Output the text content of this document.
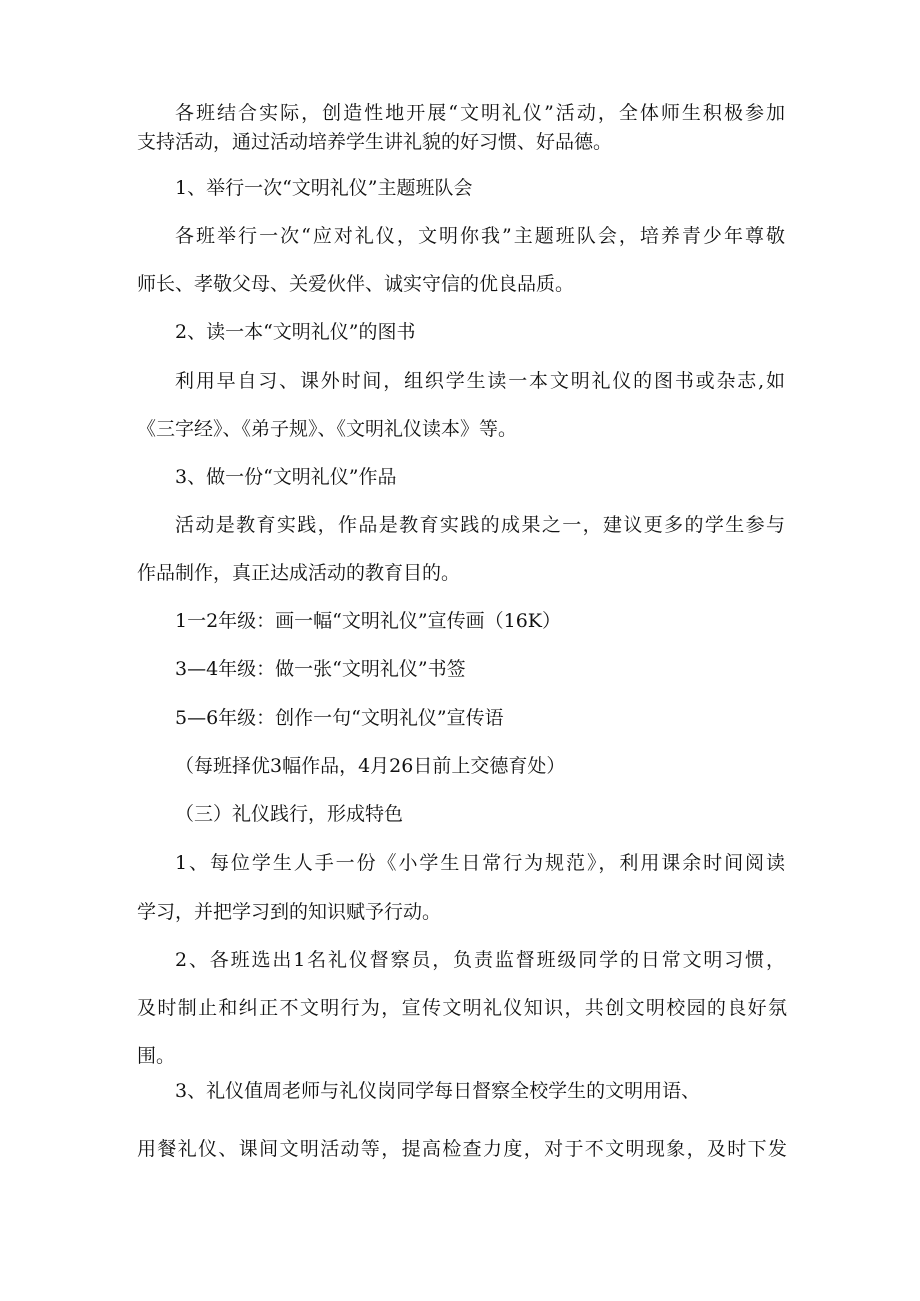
各班结合实际，创造性地开展“文明礼仪”活动，全体师生积极参加
支持活动，通过活动培养学生讲礼貌的好习惯、好品德。
1、举行一次“文明礼仪”主题班队会
各班举行一次“应对礼仪，文明你我”主题班队会，培养青少年尊敬
师长、孝敬父母、关爱伙伴、诚实守信的优良品质。
2、读一本“文明礼仪”的图书
利用早自习、课外时间，组织学生读一本文明礼仪的图书或杂志,如
《三字经》、《弟子规》、《文明礼仪读本》等。
3、做一份“文明礼仪”作品
活动是教育实践，作品是教育实践的成果之一，建议更多的学生参与
作品制作，真正达成活动的教育目的。
1一2年级：画一幅“文明礼仪”宣传画（16K）
3—4年级：做一张“文明礼仪”书签
5—6年级：创作一句“文明礼仪”宣传语
（每班择优3幅作品，4月26日前上交德育处）
（三）礼仪践行，形成特色
1、每位学生人手一份《小学生日常行为规范》，利用课余时间阅读
学习，并把学习到的知识赋予行动。
2、各班选出1名礼仪督察员，负责监督班级同学的日常文明习惯，
及时制止和纠正不文明行为，宣传文明礼仪知识，共创文明校园的良好氛
围。
3、礼仪值周老师与礼仪岗同学每日督察全校学生的文明用语、
用餐礼仪、课间文明活动等，提高检查力度，对于不文明现象，及时下发
